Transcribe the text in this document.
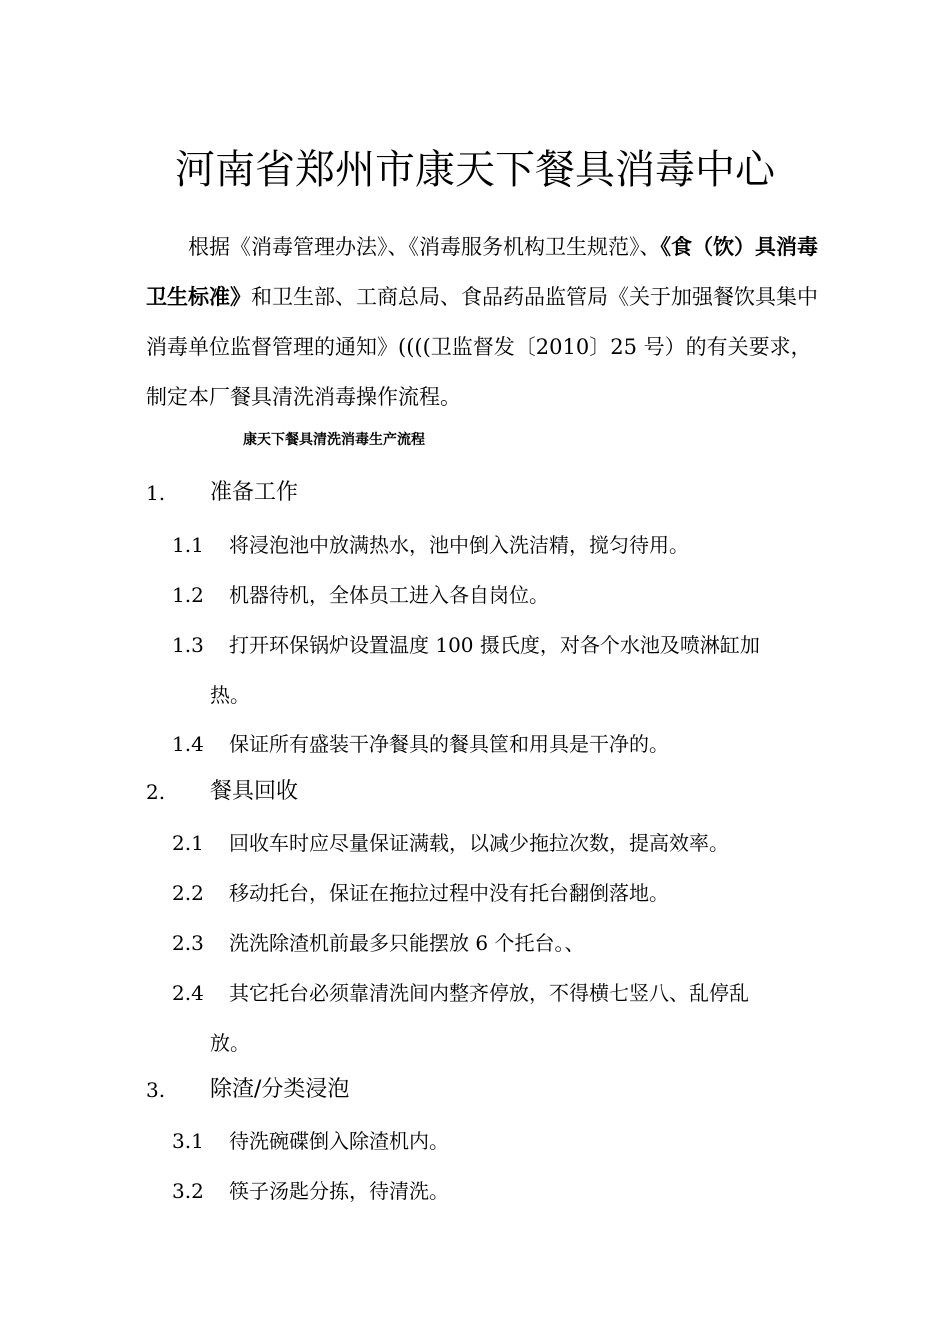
河南省郑州市康天下餐具消毒中心
根据《消毒管理办法》、《消毒服务机构卫生规范》、《食（饮）具消毒卫生标准》和卫生部、工商总局、食品药品监管局《关于加强餐饮具集中消毒单位监督管理的通知》((((卫监督发〔2010〕25 号）的有关要求，制定本厂餐具清洗消毒操作流程。
康天下餐具清洗消毒生产流程
1.	准备工作
1.1	将浸泡池中放满热水，池中倒入洗洁精，搅匀待用。
1.2	机器待机，全体员工进入各自岗位。
1.3	打开环保锅炉设置温度 100 摄氏度，对各个水池及喷淋缸加
热。
1.4	保证所有盛装干净餐具的餐具筐和用具是干净的。
2.	餐具回收
2.1	回收车时应尽量保证满载，以减少拖拉次数，提高效率。
2.2	移动托台，保证在拖拉过程中没有托台翻倒落地。
2.3	洗洗除渣机前最多只能摆放 6 个托台。、
2.4	其它托台必须靠清洗间内整齐停放，不得横七竖八、乱停乱
放。
3.	除渣/分类浸泡
3.1	待洗碗碟倒入除渣机内。
3.2	筷子汤匙分拣，待清洗。
